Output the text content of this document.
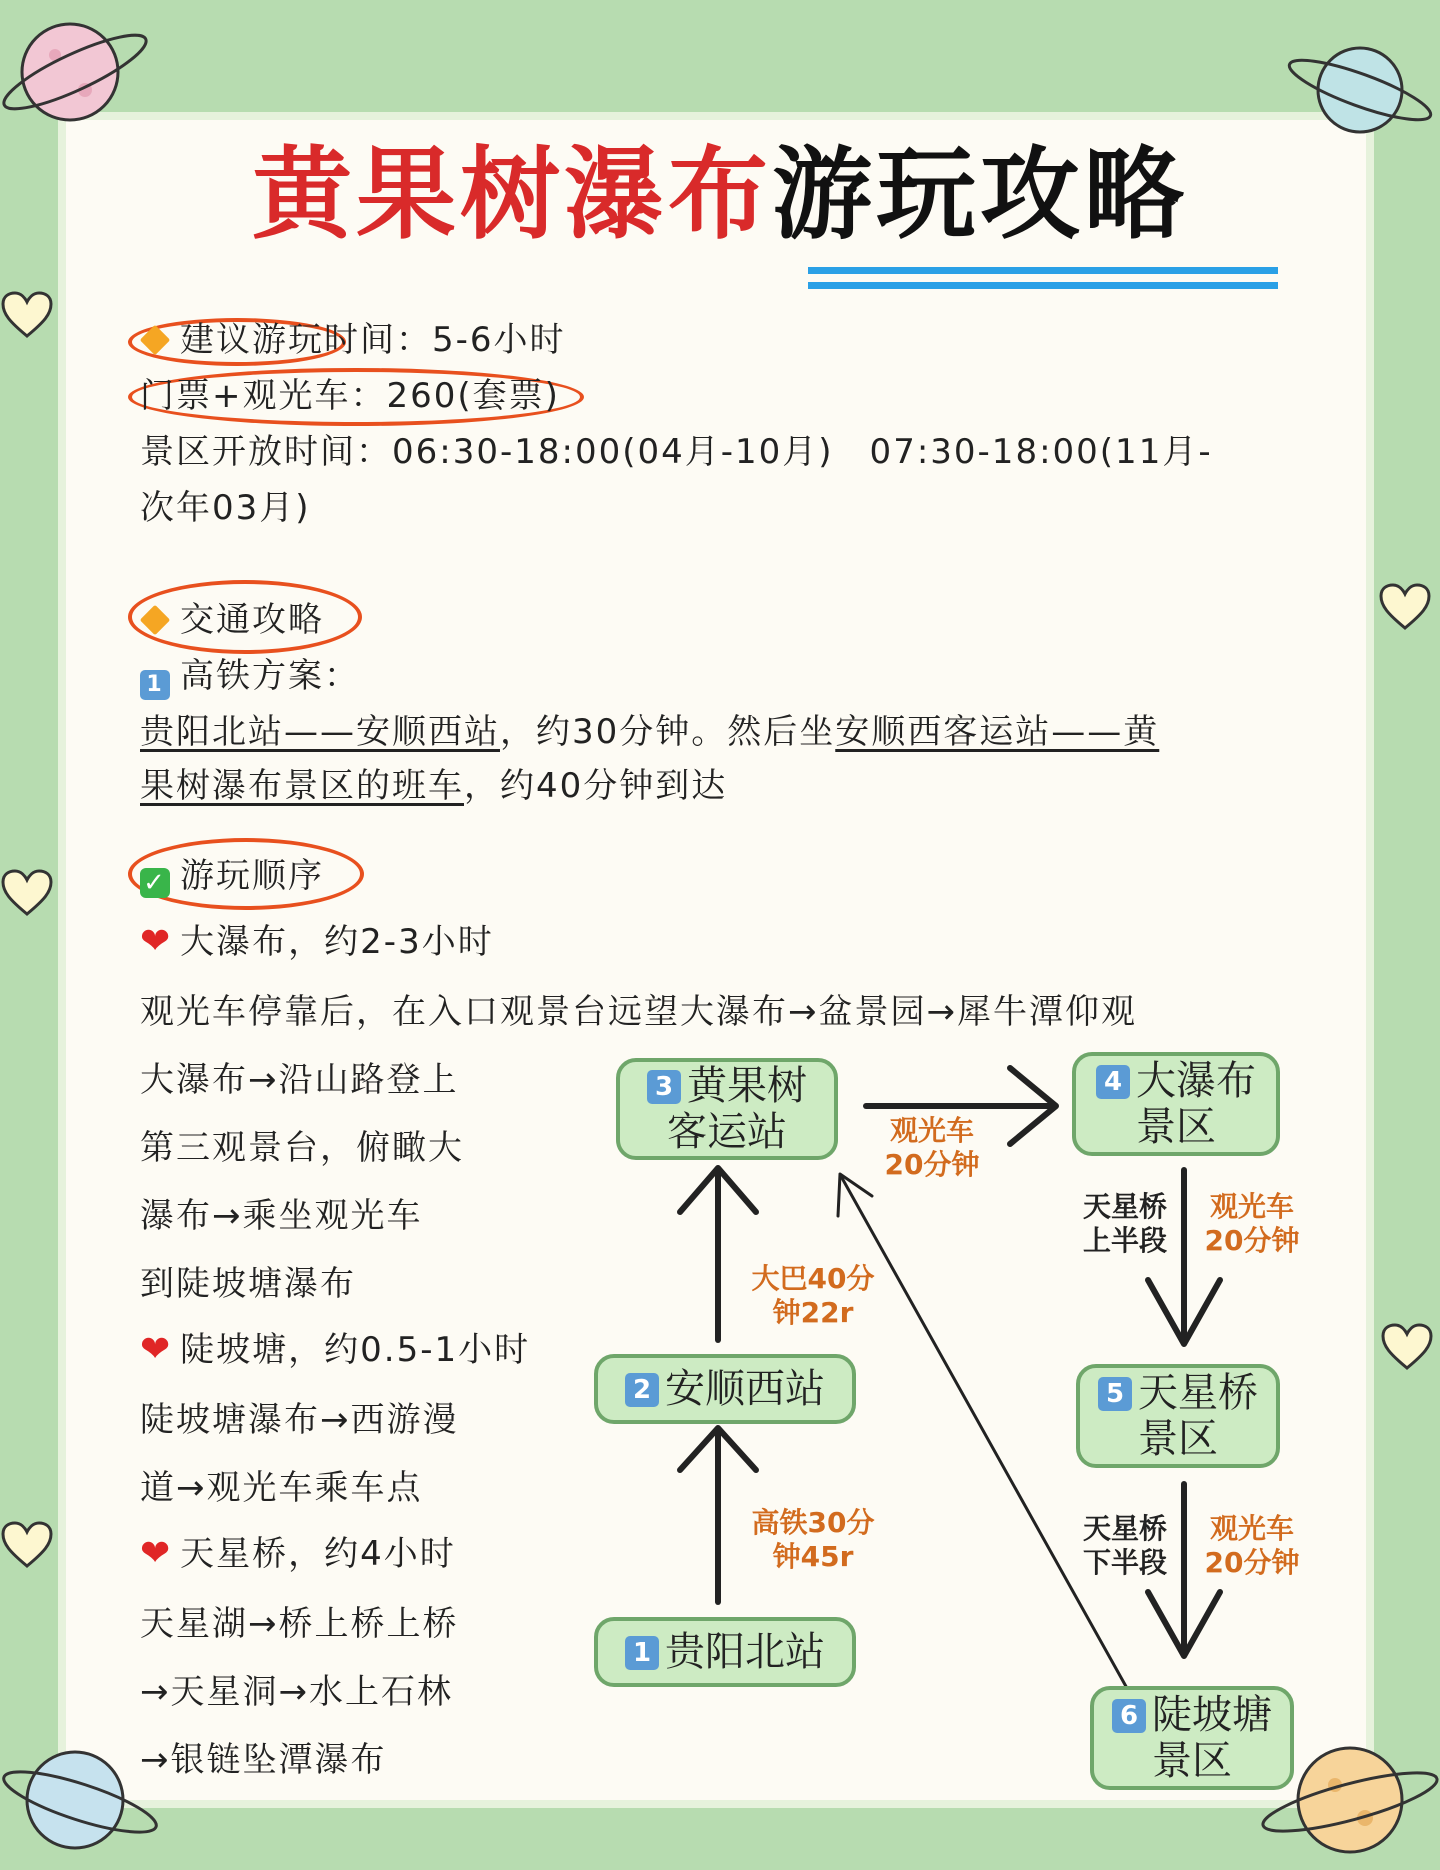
黄果树瀑布游玩攻略
建议游玩时间：5-6小时
门票+观光车：260(套票)
景区开放时间：06:30-18:00(04月-10月)　07:30-18:00(11月-
次年03月)
交通攻略
1 高铁方案：
贵阳北站——安顺西站，约30分钟。然后坐安顺西客运站——黄
果树瀑布景区的班车，约40分钟到达
✓ 游玩顺序
❤ 大瀑布，约2-3小时
观光车停靠后，在入口观景台远望大瀑布→盆景园→犀牛潭仰观
大瀑布→沿山路登上
第三观景台，俯瞰大
瀑布→乘坐观光车
到陡坡塘瀑布
❤ 陡坡塘，约0.5-1小时
陡坡塘瀑布→西游漫
道→观光车乘车点
❤ 天星桥，约4小时
天星湖→桥上桥上桥
→天星洞→水上石林
→银链坠潭瀑布
1 贵阳北站
2 安顺西站
3 黄果树
客运站
4 大瀑布
景区
5 天星桥
景区
6 陡坡塘
景区
高铁30分
钟45r
大巴40分
钟22r
观光车
20分钟
天星桥
上半段
观光车
20分钟
天星桥
下半段
观光车
20分钟
